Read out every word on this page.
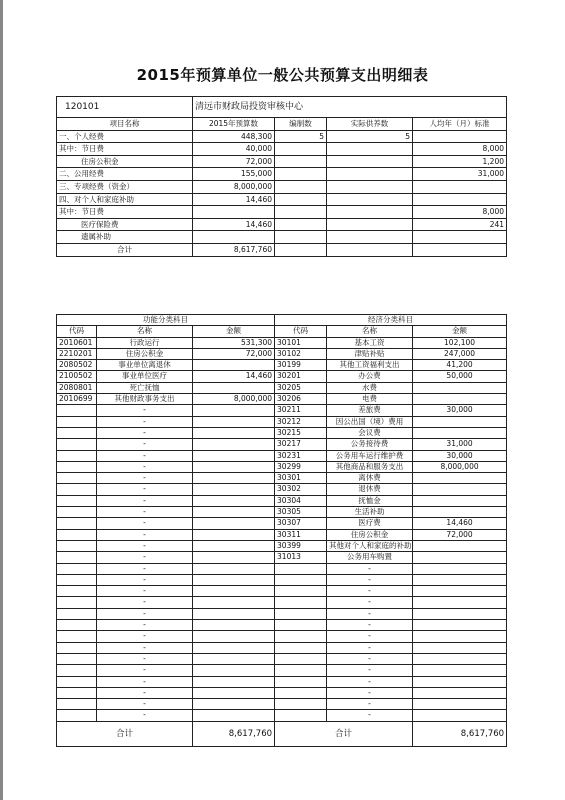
2015年预算单位一般公共预算支出明细表
120101	清远市财政局投资审核中心			
项目名称	2015年预算数	编制数	实际供养数	人均年（月）标准
一、个人经费	448,300	5	5	
其中：节日费	40,000			8,000
住房公积金	72,000			1,200
二、公用经费	155,000			31,000
三、专项经费（资金）	8,000,000			
四、对个人和家庭补助	14,460			
其中：节日费				8,000
医疗保险费	14,460			241
遗属补助				
合计	8,617,760			
功能分类科目			经济分类科目		
代码	名称	金额	代码	名称	金额
2010601	行政运行	531,300	30101	基本工资	102,100
2210201	住房公积金	72,000	30102	津贴补贴	247,000
2080502	事业单位离退休		30199	其他工资福利支出	41,200
2100502	事业单位医疗	14,460	30201	办公费	50,000
2080801	死亡抚恤		30205	水费	
2010699	其他财政事务支出	8,000,000	30206	电费	
	-		30211	差旅费	30,000
	-		30212	因公出国（境）费用	
	-		30215	会议费	
	-		30217	公务接待费	31,000
	-		30231	公务用车运行维护费	30,000
	-		30299	其他商品和服务支出	8,000,000
	-		30301	离休费	
	-		30302	退休费	
	-		30304	抚恤金	
	-		30305	生活补助	
	-		30307	医疗费	14,460
	-		30311	住房公积金	72,000
	-		30399	其他对个人和家庭的补助	
	-		31013	公务用车购置	
	-			-	
	-			-	
	-			-	
	-			-	
	-			-	
	-			-	
	-			-	
	-			-	
	-			-	
	-			-	
	-			-	
	-			-	
	-			-	
	-			-	
合计		8,617,760	合计		8,617,760
